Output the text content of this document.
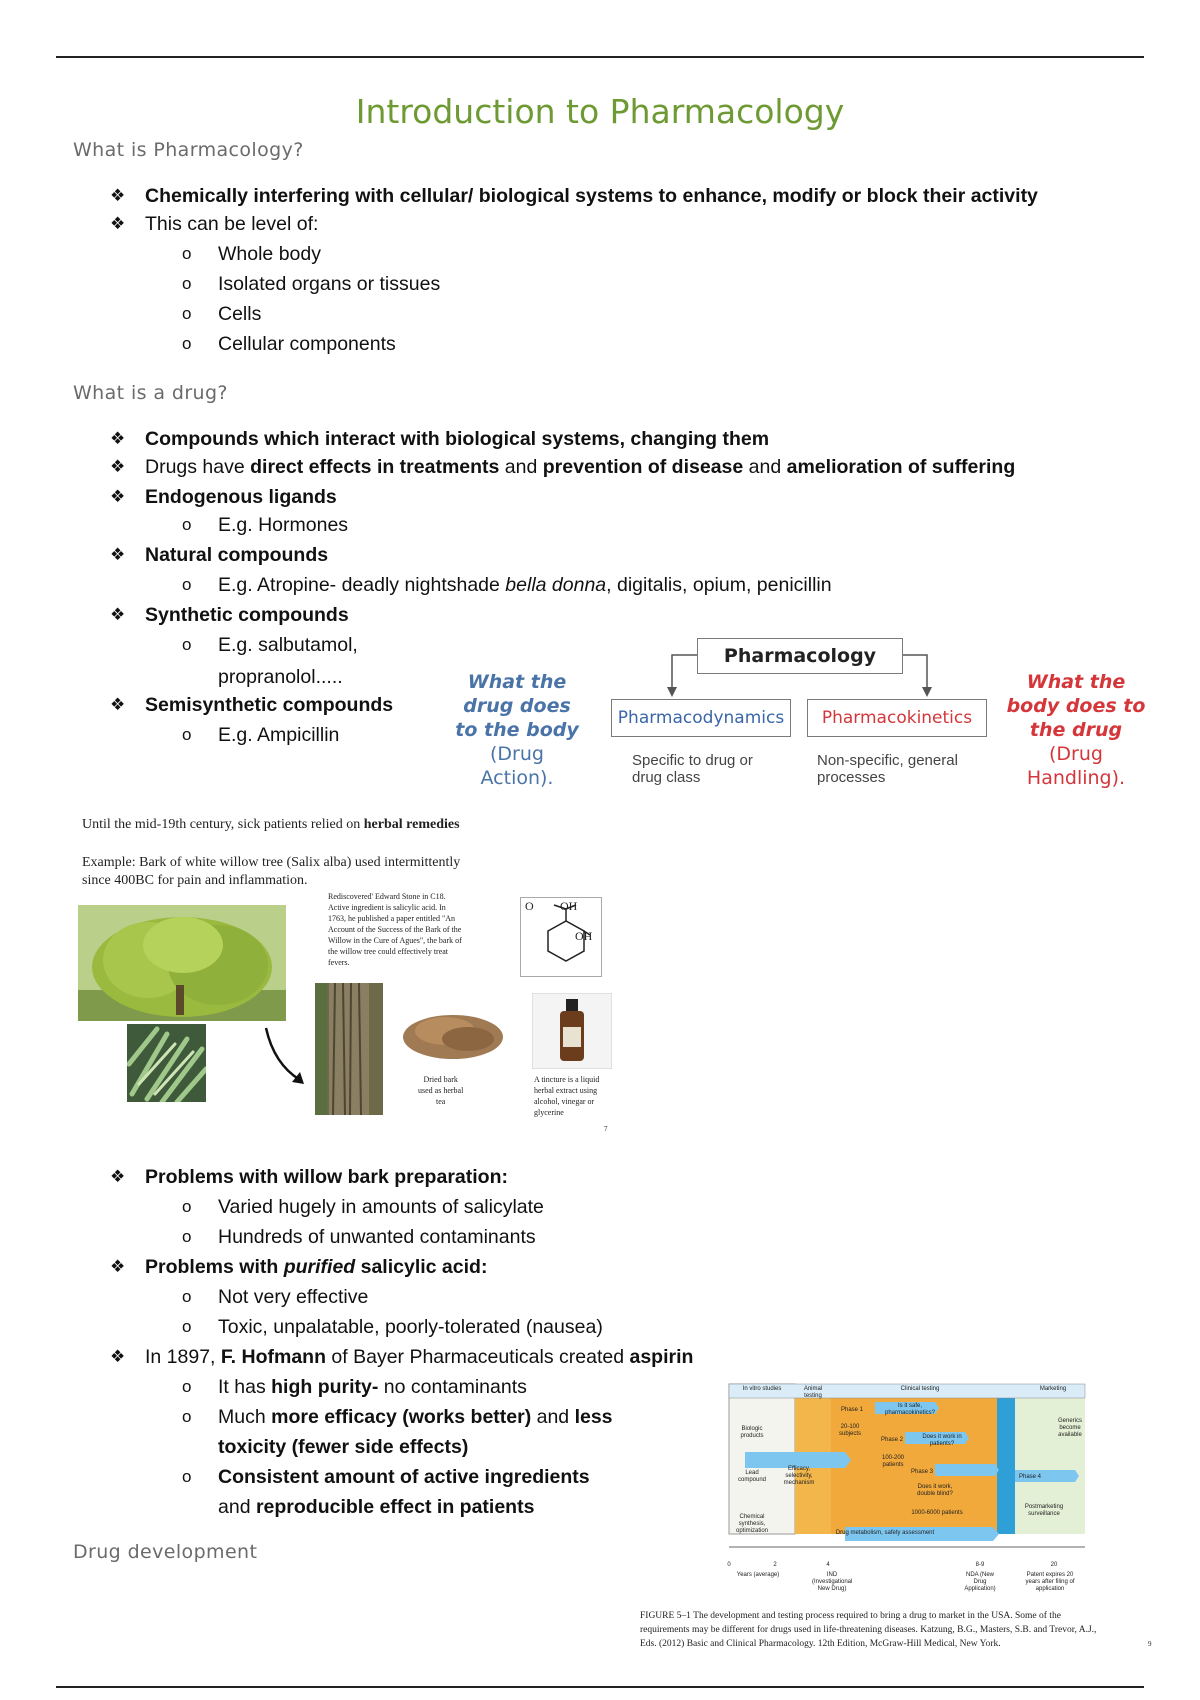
Introduction to Pharmacology
What is Pharmacology?
❖ Chemically interfering with cellular/ biological systems to enhance, modify or block their activity
❖ This can be level of:
o Whole body
o Isolated organs or tissues
o Cells
o Cellular components
What is a drug?
❖ Compounds which interact with biological systems, changing them
❖ Drugs have direct effects in treatments and prevention of disease and amelioration of suffering
❖ Endogenous ligands
o E.g. Hormones
❖ Natural compounds
o E.g. Atropine- deadly nightshade bella donna, digitalis, opium, penicillin
❖ Synthetic compounds
o E.g. salbutamol,
propranolol.....
❖ Semisynthetic compounds
o E.g. Ampicillin
Pharmacology
Pharmacodynamics	Pharmacokinetics
Specific to drug or
drug class
Non-specific, general
processes
What the
drug does
to the body
(Drug
Action).
What the
body does to
the drug
(Drug
Handling).
Until the mid-19th century, sick patients relied on herbal remedies
Example: Bark of white willow tree (Salix alba) used intermittently
since 400BC for pain and inflammation.
Rediscovered' Edward Stone in C18.
Active ingredient is salicylic acid. In
1763, he published a paper entitled "An
Account of the Success of the Bark of the
Willow in the Cure of Agues", the bark of
the willow tree could effectively treat
fevers.
Dried bark
used as herbal
tea
O OH
OH
A tincture is a liquid
herbal extract using
alcohol, vinegar or
glycerine
7
❖ Problems with willow bark preparation:
o Varied hugely in amounts of salicylate
o Hundreds of unwanted contaminants
❖ Problems with purified salicylic acid:
o Not very effective
o Toxic, unpalatable, poorly-tolerated (nausea)
❖ In 1897, F. Hofmann of Bayer Pharmaceuticals created aspirin
o It has high purity- no contaminants
o Much more efficacy (works better) and less
toxicity (fewer side effects)
o Consistent amount of active ingredients
and reproducible effect in patients
Drug development
In vitro studies	Animal testing
Clinical testing	Marketing
Biologic products
Lead compound
Chemical synthesis, optimization
Efficacy, selectivity, mechanism
Phase 1
Is it safe, pharmacokinetics?
20-100 subjects
Phase 2	Does it work in patients?
100-200 patients
Phase 3
Does it work, double blind?
1000-6000 patients
Phase 4
Postmarketing surveillance
Generics become available
Drug metabolism, safety assessment
0	2	4	8-9	20
Years (average)	IND (Investigational New Drug)
NDA (New Drug Application)
Patent expires 20 years after filing of application
FIGURE 5–1 The development and testing process required to bring a drug to market in the USA. Some of the
requirements may be different for drugs used in life-threatening diseases. Katzung, B.G., Masters, S.B. and Trevor, A.J.,
Eds. (2012) Basic and Clinical Pharmacology. 12th Edition, McGraw-Hill Medical, New York.	9
